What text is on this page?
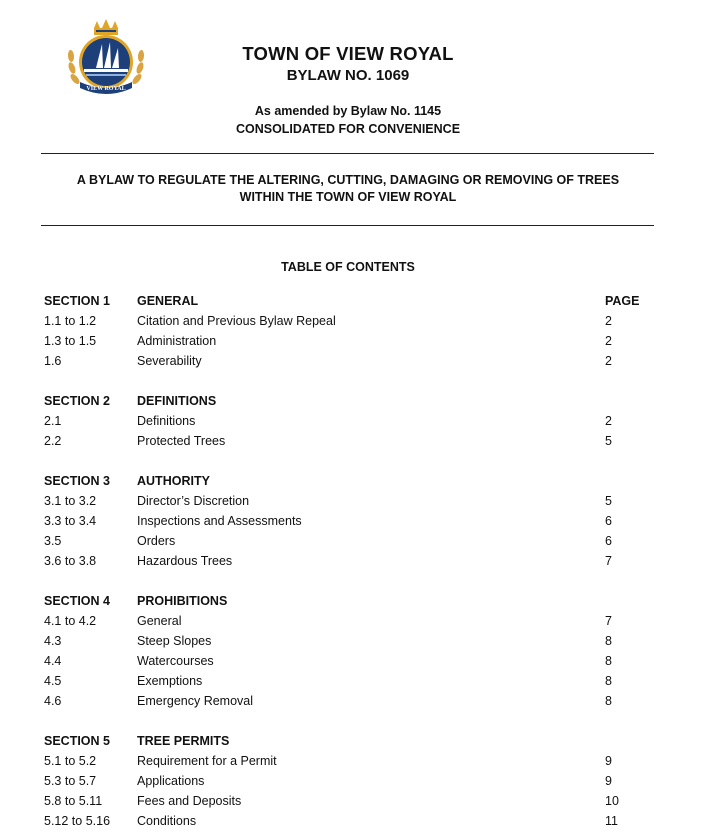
VIEW ROYAL
TOWN OF VIEW ROYAL
BYLAW NO. 1069
As amended by Bylaw No. 1145
CONSOLIDATED FOR CONVENIENCE
A BYLAW TO REGULATE THE ALTERING, CUTTING, DAMAGING OR REMOVING OF TREES
WITHIN THE TOWN OF VIEW ROYAL
TABLE OF CONTENTS
SECTION 1 GENERAL	PAGE
1.1 to 1.2	Citation and Previous Bylaw Repeal	2
1.3 to 1.5	Administration	2
1.6	Severability	2
SECTION 2 DEFINITIONS
2.1	Definitions	2
2.2	Protected Trees	5
SECTION 3 AUTHORITY
3.1 to 3.2	Director’s Discretion	5
3.3 to 3.4	Inspections and Assessments	6
3.5	Orders	6
3.6 to 3.8	Hazardous Trees	7
SECTION 4 PROHIBITIONS
4.1 to 4.2	General	7
4.3	Steep Slopes	8
4.4	Watercourses	8
4.5	Exemptions	8
4.6	Emergency Removal	8
SECTION 5 TREE PERMITS
5.1 to 5.2	Requirement for a Permit	9
5.3 to 5.7	Applications	9
5.8 to 5.11	Fees and Deposits	10
5.12 to 5.16 Conditions	11
